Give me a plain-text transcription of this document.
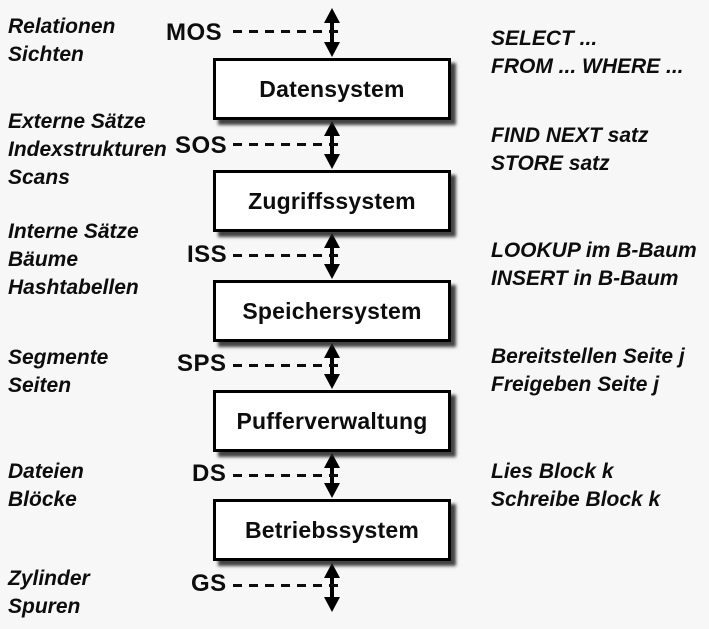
Datensystem
Zugriffssystem
Speichersystem
Pufferverwaltung
Betriebssystem
MOS
SOS
ISS
SPS
DS
GS
Relationen
Sichten
Externe Sätze
Indexstrukturen
Scans
Interne Sätze
Bäume
Hashtabellen
Segmente
Seiten
Dateien
Blöcke
Zylinder
Spuren
SELECT ...
FROM ... WHERE ...
FIND NEXT satz
STORE satz
LOOKUP im B-Baum
INSERT in B-Baum
Bereitstellen Seite j
Freigeben Seite j
Lies Block k
Schreibe Block k
